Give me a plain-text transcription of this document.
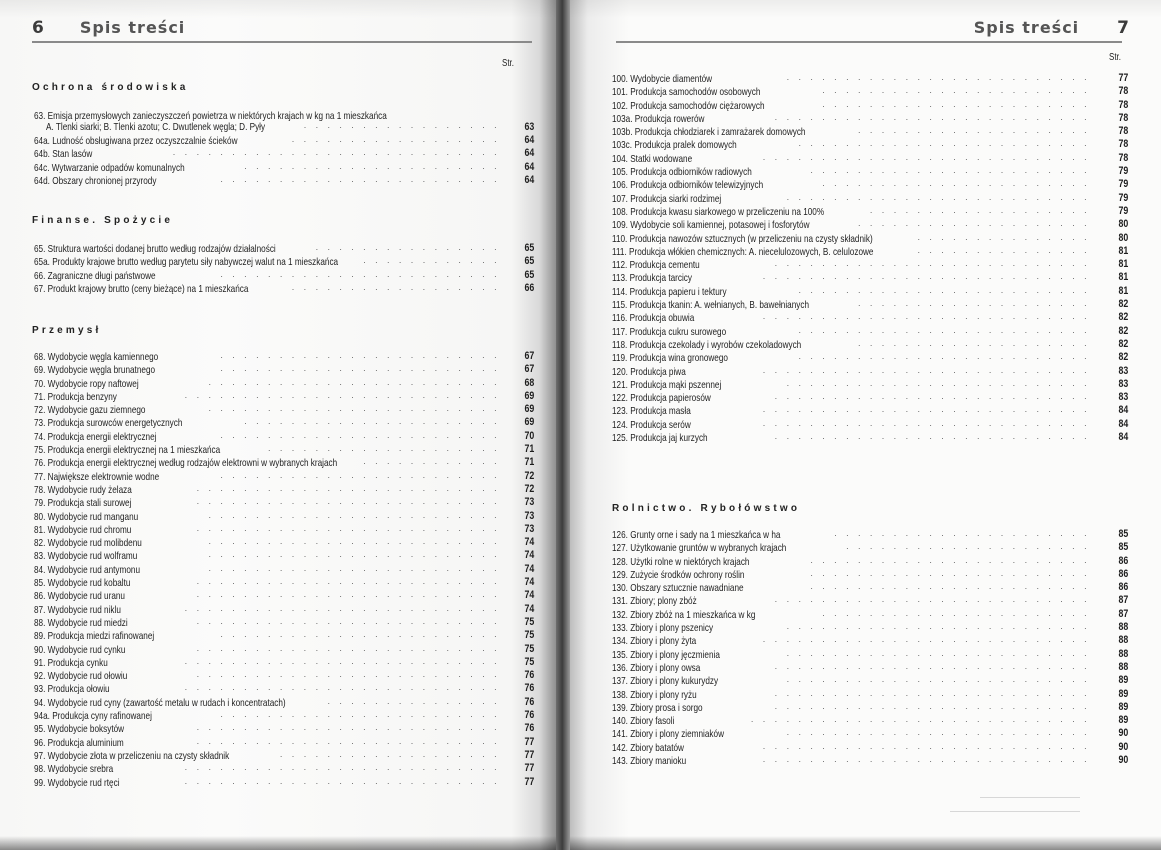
6 Spis treści
Str.
Ochrona środowiska
63. Emisja przemysłowych zanieczyszczeń powietrza w niektórych krajach w kg na 1 mieszkańca
A. Tlenki siarki; B. Tlenki azotu; C. Dwutlenek węgla; D. Pyły	................. 63
64a. Ludność obsługiwana przez oczyszczalnie ścieków	.................. 64
64b. Stan lasów	............................ 64
64c. Wytwarzanie odpadów komunalnych	...................... 64
64d. Obszary chronionej przyrody	........................ 64
Finanse. Spożycie
65. Struktura wartości dodanej brutto według rodzajów działalności	................ 65
65a. Produkty krajowe brutto według parytetu siły nabywczej walut na 1 mieszkańca	............ 65
66. Zagraniczne długi państwowe	........................ 65
67. Produkt krajowy brutto (ceny bieżące) na 1 mieszkańca	.................. 66
Przemysł
68. Wydobycie węgla kamiennego	........................ 67
69. Wydobycie węgla brunatnego	........................ 67
70. Wydobycie ropy naftowej	......................... 68
71. Produkcja benzyny	........................... 69
72. Wydobycie gazu ziemnego	......................... 69
73. Produkcja surowców energetycznych	...................... 69
74. Produkcja energii elektrycznej	........................ 70
75. Produkcja energii elektrycznej na 1 mieszkańca	.................... 71
76. Produkcja energii elektrycznej według rodzajów elektrowni w wybranych krajach	............ 71
77. Największe elektrownie wodne	........................ 72
78. Wydobycie rudy żelaza	.......................... 72
79. Produkcja stali surowej	.......................... 73
80. Wydobycie rud manganu	......................... 73
81. Wydobycie rud chromu	.......................... 73
82. Wydobycie rud molibdenu	......................... 74
83. Wydobycie rud wolframu	......................... 74
84. Wydobycie rud antymonu	......................... 74
85. Wydobycie rud kobaltu	.......................... 74
86. Wydobycie rud uranu	.......................... 74
87. Wydobycie rud niklu	........................... 74
88. Wydobycie rud miedzi	.......................... 75
89. Produkcja miedzi rafinowanej	........................ 75
90. Wydobycie rud cynku	.......................... 75
91. Produkcja cynku	........................... 75
92. Wydobycie rud ołowiu	.......................... 76
93. Produkcja ołowiu	........................... 76
94. Wydobycie rud cyny (zawartość metalu w rudach i koncentratach)	............... 76
94a. Produkcja cyny rafinowanej	........................ 76
95. Wydobycie boksytów	.......................... 76
96. Produkcja aluminium	.......................... 77
97. Wydobycie złota w przeliczeniu na czysty składnik	................... 77
98. Wydobycie srebra	........................... 77
99. Wydobycie rud rtęci	........................... 77
Spis treści 7
Str.
100. Wydobycie diamentów	.......................... 77
101. Produkcja samochodów osobowych	....................... 78
102. Produkcja samochodów ciężarowych	....................... 78
103a. Produkcja rowerów	........................... 78
103b. Produkcja chłodziarek i zamrażarek domowych	.................... 78
103c. Produkcja pralek domowych	......................... 78
104. Statki wodowane	............................ 78
105. Produkcja odbiorników radiowych	........................ 79
106. Produkcja odbiorników telewizyjnych	....................... 79
107. Produkcja siarki rodzimej	.......................... 79
108. Produkcja kwasu siarkowego w przeliczeniu na 100%	................... 79
109. Wydobycie soli kamiennej, potasowej i fosforytów	.................... 80
110. Produkcja nawozów sztucznych (w przeliczeniu na czysty składnik)	............... 80
111. Produkcja włókien chemicznych: A. niecelulozowych, B. celulozowe	............... 81
112. Produkcja cementu	........................... 81
113. Produkcja tarcicy	............................ 81
114. Produkcja papieru i tektury	......................... 81
115. Produkcja tkanin: A. wełnianych, B. bawełnianych	.................... 82
116. Produkcja obuwia	............................ 82
117. Produkcja cukru surowego	......................... 82
118. Produkcja czekolady i wyrobów czekoladowych	.................... 82
119. Produkcja wina gronowego	......................... 82
120. Produkcja piwa	............................ 83
121. Produkcja mąki pszennej	.......................... 83
122. Produkcja papierosów	........................... 83
123. Produkcja masła	............................ 84
124. Produkcja serów	............................ 84
125. Produkcja jaj kurzych	........................... 84
Rolnictwo. Rybołówstwo
126. Grunty orne i sady na 1 mieszkańca w ha	...................... 85
127. Użytkowanie gruntów w wybranych krajach	..................... 85
128. Użytki rolne w niektórych krajach	........................ 86
129. Zużycie środków ochrony roślin	........................ 86
130. Obszary sztucznie nawadniane	........................ 86
131. Zbiory; plony zbóż	........................... 87
132. Zbiory zbóż na 1 mieszkańca w kg	....................... 87
133. Zbiory i plony pszenicy	.......................... 88
134. Zbiory i plony żyta	............................ 88
135. Zbiory i plony jęczmienia	.......................... 88
136. Zbiory i plony owsa	........................... 88
137. Zbiory i plony kukurydzy	.......................... 89
138. Zbiory i plony ryżu	........................... 89
139. Zbiory prosa i sorgo	........................... 89
140. Zbiory fasoli	............................. 89
141. Zbiory i plony ziemniaków	.......................... 90
142. Zbiory batatów	............................ 90
143. Zbiory manioku	............................ 90
